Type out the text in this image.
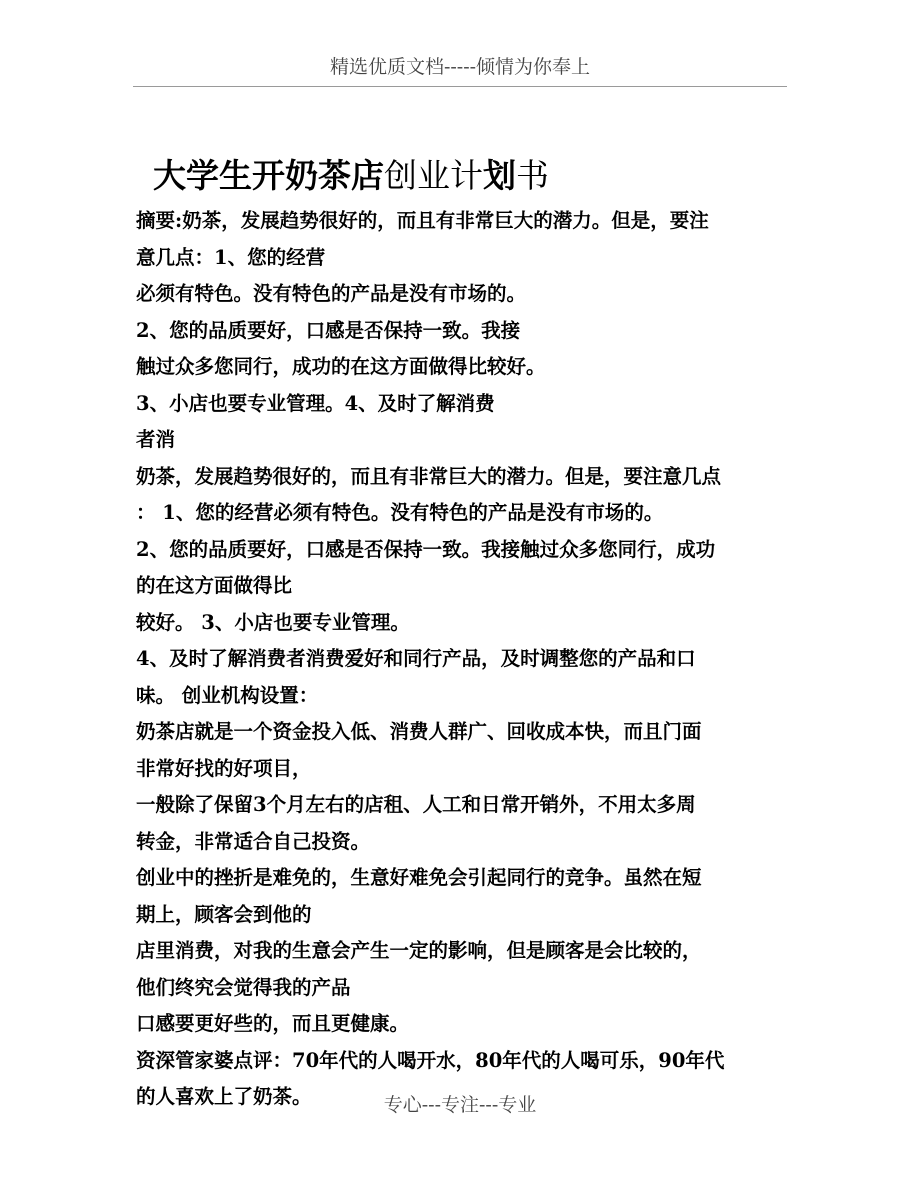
精选优质文档-----倾情为你奉上
大学生开奶茶店创业计划书
摘要:奶茶，发展趋势很好的，而且有非常巨大的潜力。但是，要注
意几点：1、您的经营
必须有特色。没有特色的产品是没有市场的。
2、您的品质要好，口感是否保持一致。我接
触过众多您同行，成功的在这方面做得比较好。
3、小店也要专业管理。4、及时了解消费
者消
奶茶，发展趋势很好的，而且有非常巨大的潜力。但是，要注意几点
： 1、您的经营必须有特色。没有特色的产品是没有市场的。
2、您的品质要好，口感是否保持一致。我接触过众多您同行，成功
的在这方面做得比
较好。 3、小店也要专业管理。
4、及时了解消费者消费爱好和同行产品，及时调整您的产品和口
味。 创业机构设置：
奶茶店就是一个资金投入低、消费人群广、回收成本快，而且门面
非常好找的好项目，
一般除了保留3个月左右的店租、人工和日常开销外，不用太多周
转金，非常适合自己投资。
创业中的挫折是难免的，生意好难免会引起同行的竞争。虽然在短
期上，顾客会到他的
店里消费，对我的生意会产生一定的影响，但是顾客是会比较的，
他们终究会觉得我的产品
口感要更好些的，而且更健康。
资深管家婆点评：70年代的人喝开水，80年代的人喝可乐，90年代
的人喜欢上了奶茶。	专心---专注---专业
